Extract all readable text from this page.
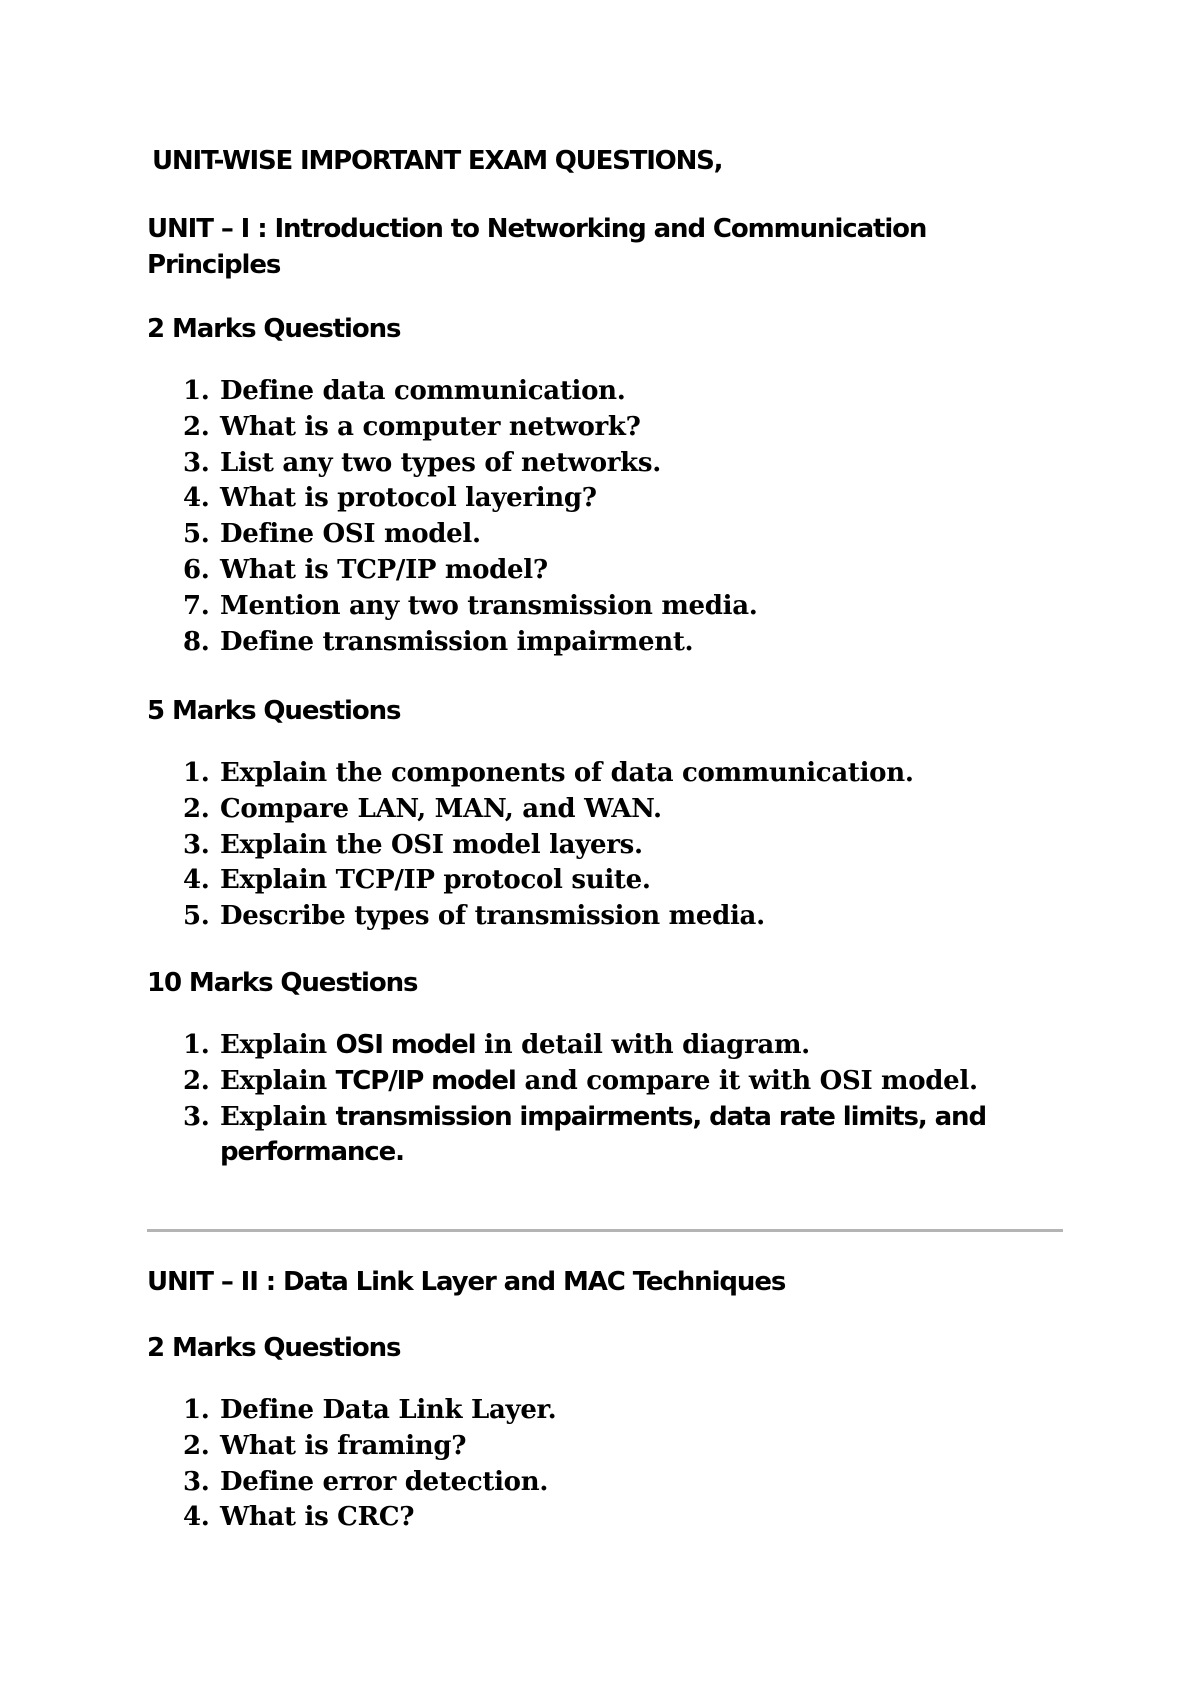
UNIT-WISE IMPORTANT EXAM QUESTIONS,
UNIT – I : Introduction to Networking and Communication Principles
2 Marks Questions
1. Define data communication.
2. What is a computer network?
3. List any two types of networks.
4. What is protocol layering?
5. Define OSI model.
6. What is TCP/IP model?
7. Mention any two transmission media.
8. Define transmission impairment.
5 Marks Questions
1. Explain the components of data communication.
2. Compare LAN, MAN, and WAN.
3. Explain the OSI model layers.
4. Explain TCP/IP protocol suite.
5. Describe types of transmission media.
10 Marks Questions
1. Explain OSI model in detail with diagram.
2. Explain TCP/IP model and compare it with OSI model.
3. Explain transmission impairments, data rate limits, and performance.
UNIT – II : Data Link Layer and MAC Techniques
2 Marks Questions
1. Define Data Link Layer.
2. What is framing?
3. Define error detection.
4. What is CRC?
